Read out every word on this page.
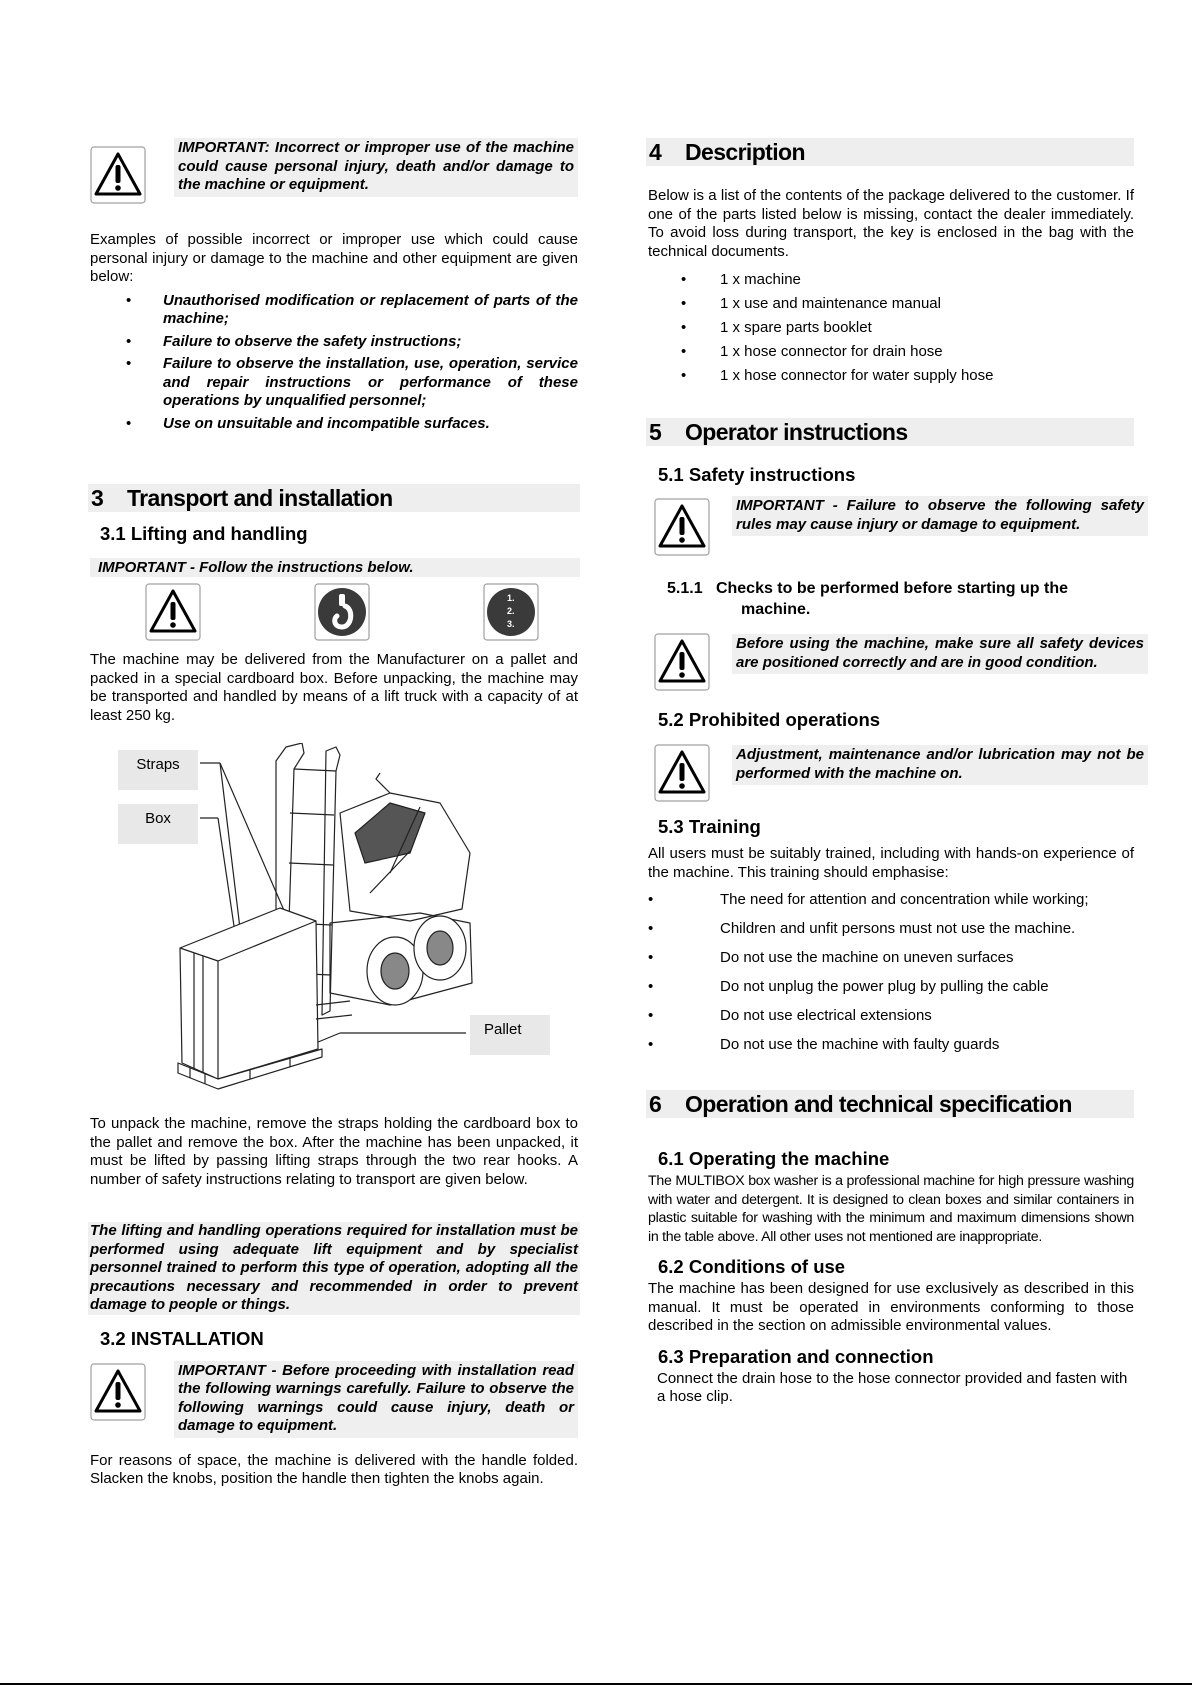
IMPORTANT: Incorrect or improper use of the machine could cause personal injury, death and/or damage to the machine or equipment.

Examples of possible incorrect or improper use which could cause personal injury or damage to the machine and other equipment are given below:

• Unauthorised modification or replacement of parts of the machine;
• Failure to observe the safety instructions;
• Failure to observe the installation, use, operation, service and repair instructions or performance of these operations by unqualified personnel;
• Use on unsuitable and incompatible surfaces.
3 Transport and installation
3.1 Lifting and handling
IMPORTANT - Follow the instructions below.
1.
2.
3.

The machine may be delivered from the Manufacturer on a pallet and packed in a special cardboard box. Before unpacking, the machine may be transported and handled by means of a lift truck with a capacity of at least 250 kg.

Straps
Box
Pallet

To unpack the machine, remove the straps holding the cardboard box to the pallet and remove the box. After the machine has been unpacked, it must be lifted by passing lifting straps through the two rear hooks. A number of safety instructions relating to transport are given below.

The lifting and handling operations required for installation must be performed using adequate lift equipment and by specialist personnel trained to perform this type of operation, adopting all the precautions necessary and recommended in order to prevent damage to people or things.
3.2 INSTALLATION
IMPORTANT - Before proceeding with installation read the following warnings carefully. Failure to observe the following warnings could cause injury, death or damage to equipment.

For reasons of space, the machine is delivered with the handle folded. Slacken the knobs, position the handle then tighten the knobs again.

4 Description

Below is a list of the contents of the package delivered to the customer. If one of the parts listed below is missing, contact the dealer immediately. To avoid loss during transport, the key is enclosed in the bag with the technical documents.

• 1 x machine
• 1 x use and maintenance manual
• 1 x spare parts booklet
• 1 x hose connector for drain hose
• 1 x hose connector for water supply hose
5 Operator instructions
5.1 Safety instructions
IMPORTANT - Failure to observe the following safety rules may cause injury or damage to equipment.
5.1.1 Checks to be performed before starting up the
machine.
Before using the machine, make sure all safety devices are positioned correctly and are in good condition.
5.2 Prohibited operations
Adjustment, maintenance and/or lubrication may not be performed with the machine on.
5.3 Training

All users must be suitably trained, including with hands-on experience of the machine. This training should emphasise:

•	The need for attention and concentration while working;
•	Children and unfit persons must not use the machine.
•	Do not use the machine on uneven surfaces
•	Do not unplug the power plug by pulling the cable
•	Do not use electrical extensions
•	Do not use the machine with faulty guards
6 Operation and technical specification
6.1 Operating the machine

The MULTIBOX box washer is a professional machine for high pressure washing with water and detergent. It is designed to clean boxes and similar containers in plastic suitable for washing with the minimum and maximum dimensions shown in the table above. All other uses not mentioned are inappropriate.

6.2 Conditions of use

The machine has been designed for use exclusively as described in this manual. It must be operated in environments conforming to those described in the section on admissible environmental values.

6.3 Preparation and connection

Connect the drain hose to the hose connector provided and fasten with a hose clip.
